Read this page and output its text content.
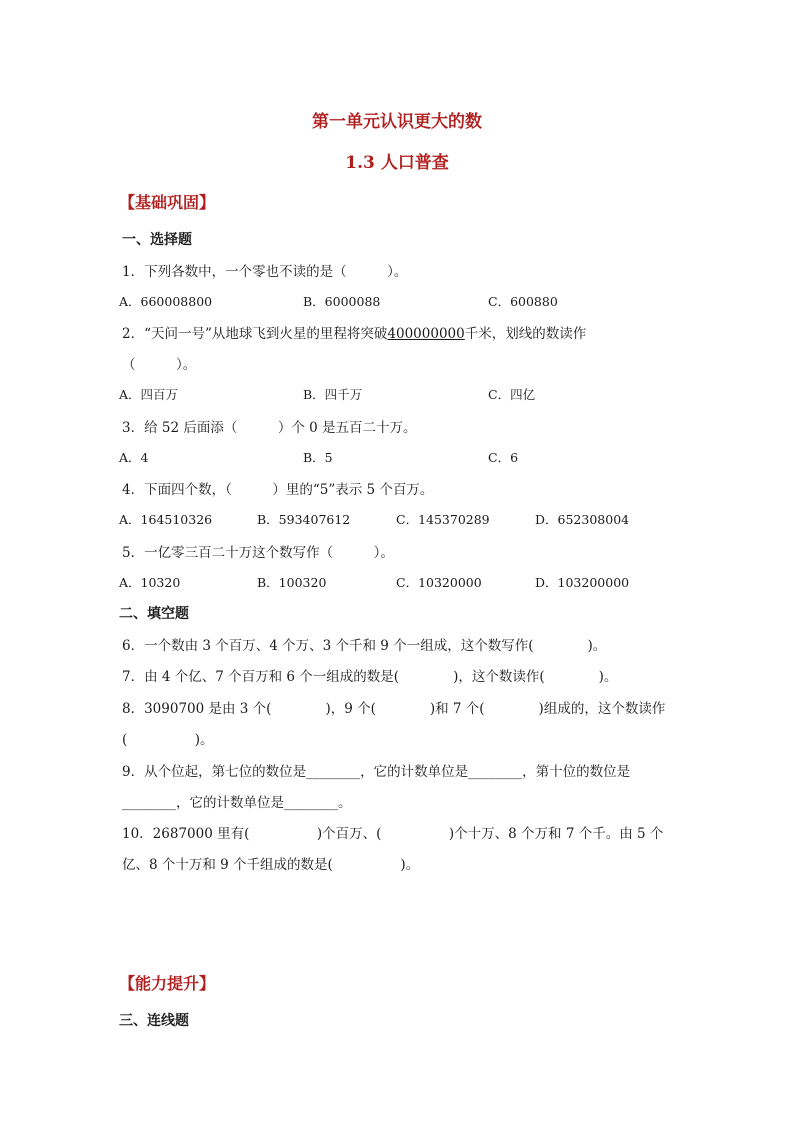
第一单元认识更大的数
1.3 人口普查
【基础巩固】
一、选择题
1．下列各数中，一个零也不读的是（　　　）。
A．660008800	B．6000088	C．600880
2．“天问一号”从地球飞到火星的里程将突破400000000千米，划线的数读作
（　　　）。
A．四百万	B．四千万	C．四亿
3．给 52 后面添（　　　）个 0 是五百二十万。
A．4	B．5	C．6
4．下面四个数，（　　　）里的“5”表示 5 个百万。
A．164510326	B．593407612	C．145370289	D．652308004
5．一亿零三百二十万这个数写作（　　　）。
A．10320	B．100320	C．10320000	D．103200000
二、填空题
6．一个数由 3 个百万、4 个万、3 个千和 9 个一组成，这个数写作(　　　　)。
7．由 4 个亿、7 个百万和 6 个一组成的数是(　　　　)，这个数读作(　　　　)。
8．3090700 是由 3 个(　　　　)，9 个(　　　　)和 7 个(　　　　)组成的，这个数读作
(　　　　　)。
9．从个位起，第七位的数位是________，它的计数单位是________，第十位的数位是
________，它的计数单位是________。
10．2687000 里有(　　　　　)个百万、(　　　　　)个十万、8 个万和 7 个千。由 5 个
亿、8 个十万和 9 个千组成的数是(　　　　　)。
【能力提升】
三、连线题
